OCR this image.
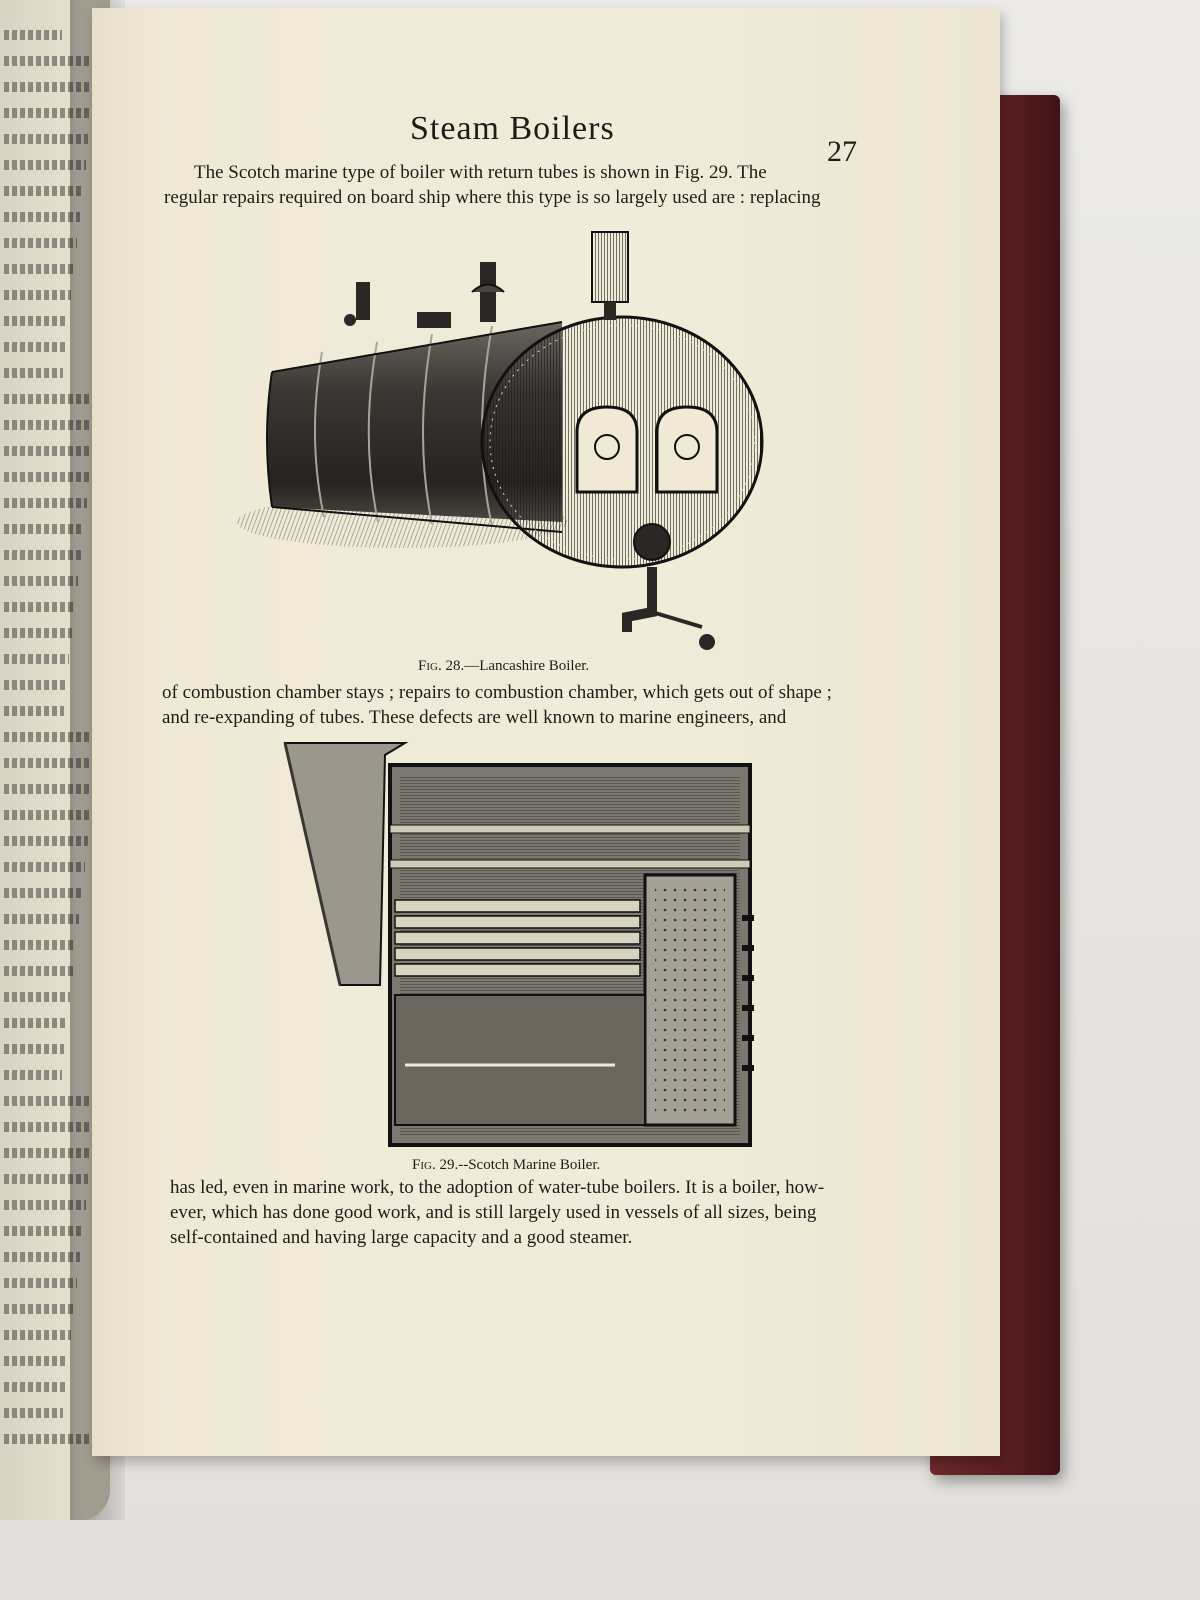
Steam Boilers
27
The Scotch marine type of boiler with return tubes is shown in Fig. 29. The
regular repairs required on board ship where this type is so largely used are : replacing
Fig. 28.—Lancashire Boiler.
of combustion chamber stays ; repairs to combustion chamber, which gets out of shape ;
and re-expanding of tubes. These defects are well known to marine engineers, and
Fig. 29.--Scotch Marine Boiler.
has led, even in marine work, to the adoption of water-tube boilers. It is a boiler, how-
ever, which has done good work, and is still largely used in vessels of all sizes, being
self-contained and having large capacity and a good steamer.
